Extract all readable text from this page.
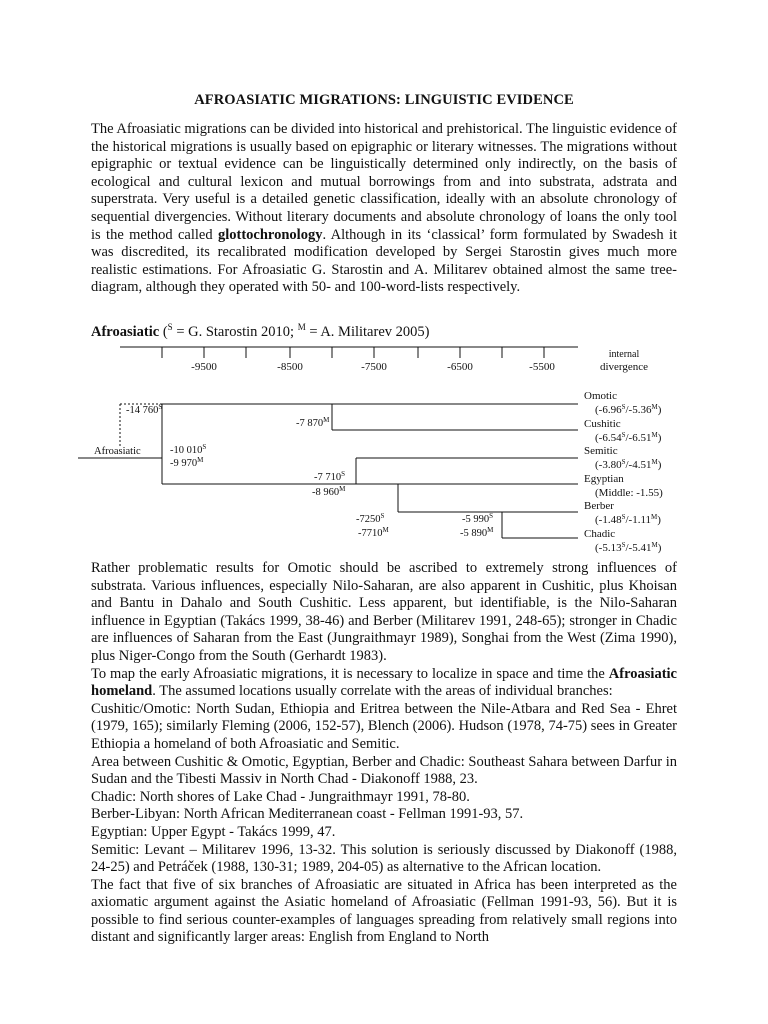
AFROASIATIC MIGRATIONS: LINGUISTIC EVIDENCE
The Afroasiatic migrations can be divided into historical and prehistorical. The linguistic evidence of the historical migrations is usually based on epigraphic or literary witnesses. The migrations without epigraphic or textual evidence can be linguistically determined only indirectly, on the basis of ecological and cultural lexicon and mutual borrowings from and into substrata, adstrata and superstrata. Very useful is a detailed genetic classification, ideally with an absolute chronology of sequential divergencies. Without literary documents and absolute chronology of loans the only tool is the method called glottochronology. Although in its ‘classical’ form formulated by Swadesh it was discredited, its recalibrated modification developed by Sergei Starostin gives much more realistic estimations. For Afroasiatic G. Starostin and A. Militarev obtained almost the same tree-diagram, although they operated with 50- and 100-word-lists respectively.
Afroasiatic ($^S$ = G. Starostin 2010; $^M$ = A. Militarev 2005)
-9500	-8500	-7500	-6500	-5500
internal
divergence
Afroasiatic
-14 $760^S$
-10 $010^S$
-9 $970^M$
-7 $870^M$
-7 $710^S$
-8 $960^M$
$-7250^S$
$-7710^M$
-5 $990^S$
-5 $890^M$
Omotic
$(-6.96^S/-5.36^M)$
Cushitic
$(-6.54^S/-6.51^M)$
Semitic
$(-3.80^S/-4.51^M)$
Egyptian
(Middle: -1.55)
Berber
$(-1.48^S/-1.11^M)$
Chadic
$(-5.13^S/-5.41^M)$

Rather problematic results for Omotic should be ascribed to extremely strong influences of substrata. Various influences, especially Nilo-Saharan, are also apparent in Cushitic, plus Khoisan and Bantu in Dahalo and South Cushitic. Less apparent, but identifiable, is the Nilo-Saharan influence in Egyptian (Takács 1999, 38-46) and Berber (Militarev 1991, 248-65); stronger in Chadic are influences of Saharan from the East (Jungraithmayr 1989), Songhai from the West (Zima 1990), plus Niger-Congo from the South (Gerhardt 1983).

To map the early Afroasiatic migrations, it is necessary to localize in space and time the Afroasiatic homeland. The assumed locations usually correlate with the areas of individual branches:

Cushitic/Omotic: North Sudan, Ethiopia and Eritrea between the Nile-Atbara and Red Sea - Ehret (1979, 165); similarly Fleming (2006, 152-57), Blench (2006). Hudson (1978, 74-75) sees in Greater Ethiopia a homeland of both Afroasiatic and Semitic.

Area between Cushitic & Omotic, Egyptian, Berber and Chadic: Southeast Sahara between Darfur in Sudan and the Tibesti Massiv in North Chad - Diakonoff 1988, 23.

Chadic: North shores of Lake Chad - Jungraithmayr 1991, 78-80.

Berber-Libyan: North African Mediterranean coast - Fellman 1991-93, 57.

Egyptian: Upper Egypt - Takács 1999, 47.

Semitic: Levant – Militarev 1996, 13-32. This solution is seriously discussed by Diakonoff (1988, 24-25) and Petráček (1988, 130-31; 1989, 204-05) as alternative to the African location.

The fact that five of six branches of Afroasiatic are situated in Africa has been interpreted as the axiomatic argument against the Asiatic homeland of Afroasiatic (Fellman 1991-93, 56). But it is possible to find serious counter-examples of languages spreading from relatively small regions into distant and significantly larger areas: English from England to North
